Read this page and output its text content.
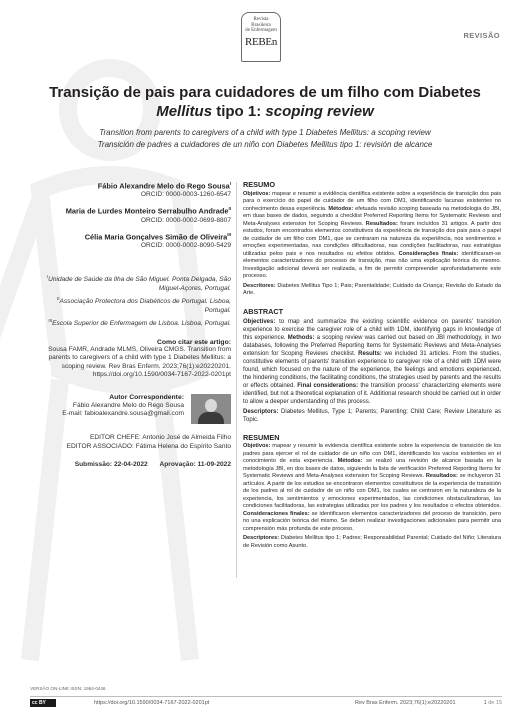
Revista
Brasileira
de Enfermagem
REBEn	REVISÃO
Transição de pais para cuidadores de um filho com Diabetes Mellitus tipo 1: scoping review
Transition from parents to caregivers of a child with type 1 Diabetes Mellitus: a scoping review
Transición de padres a cuidadores de un niño con Diabetes Mellitus tipo 1: revisión de alcance
Fábio Alexandre Melo do Rego Sousa$^I$
ORCID: 0000-0003-1260-6547
Maria de Lurdes Monteiro Serrabulho Andrade$^{II}$
ORCID: 0000-0002-0699-8807
Célia Maria Gonçalves Simão de Oliveira$^{III}$
ORCID: 0000-0002-8090-5429
$^I$Unidade de Saúde da Ilha de São Miguel. Ponta Delgada, São Miguel-Açores, Portugal.
$^{II}$Associação Protectora dos Diabéticos de Portugal. Lisboa, Portugal.
$^{III}$Escola Superior de Enfermagem de Lisboa. Lisboa, Portugal.
Como citar este artigo:
Sousa FAMR, Andrade MLMS, Oliveira CMGS. Transition from parents to caregivers of a child with type 1 Diabetes Mellitus: a scoping review. Rev Bras Enferm. 2023;76(1):e20220201. https://doi.org/10.1590/0034-7167-2022-0201pt
Autor Correspondente:
Fábio Alexandre Melo do Rego Sousa
E-mail: fabioalexandre.sousa@gmail.com
EDITOR CHEFE: Antonio José de Almeida Filho
EDITOR ASSOCIADO: Fátima Helena do Espírito Santo
Submissão: 22-04-2022 Aprovação: 11-09-2022
RESUMO

Objetivos: mapear e resumir a evidência científica existente sobre a experiência de transição dos pais para o exercício do papel de cuidador de um filho com DM1, identificando lacunas existentes no conhecimento dessa experiência. Métodos: efetuada revisão scoping baseada na metodologia do JBI, em duas bases de dados, seguindo a checklist Preferred Reporting Items for Systematic Reviews and Meta-Analyses extension for Scoping Reviews. Resultados: foram incluídos 31 artigos. A partir dos estudos, foram encontrados elementos constitutivos da experiência de transição dos pais para o papel de cuidador de um filho com DM1, que se centraram na natureza da experiência, nos sentimentos e emoções experimentadas, nas condições dificultadoras, nas condições facilitadoras, nas estratégias utilizadas pelos pais e nos resultados ou efeitos obtidos. Considerações finais: identificaram-se elementos caracterizadores do processo de transição, mas não uma explicação teórica do mesmo. Investigação adicional deverá ser realizada, a fim de permitir compreender aprofundadamente este processo.

Descritores: Diabetes Mellitus Tipo 1; Pais; Parentalidade; Cuidado da Criança; Revisão do Estado da Arte.

ABSTRACT

Objectives: to map and summarize the existing scientific evidence on parents' transition experience to exercise the caregiver role of a child with 1DM, identifying gaps in knowledge of this experience. Methods: a scoping review was carried out based on JBI methodology, in two databases, following the Preferred Reporting Items for Systematic Reviews and Meta-Analyses extension for Scoping Reviews checklist. Results: we included 31 articles. From the studies, constitutive elements of parents' transition experience to caregiver role of a child with 1DM were found, which focused on the nature of the experience, the feelings and emotions experienced, the hindering conditions, the facilitating conditions, the strategies used by parents and the results or effects obtained. Final considerations: the transition process' characterizing elements were identified, but not a theoretical explanation of it. Additional research should be carried out in order to allow a deeper understanding of this process.

Descriptors: Diabetes Mellitus, Type 1; Parents; Parenting; Child Care; Review Literature as Topic.

RESUMEN

Objetivos: mapear y resumir la evidencia científica existente sobre la experiencia de transición de los padres para ejercer el rol de cuidador de un niño con DM1, identificando los vacíos existentes en el conocimiento de esta experiencia. Métodos: se realizó una revisión de alcance basada en la metodología JBI, en dos bases de datos, siguiendo la lista de verificación Preferred Reporting Items for Systematic Reviews and Meta-Analyses extension for Scoping Reviews. Resultados: se incluyeron 31 artículos. A partir de los estudios se encontraron elementos constitutivos de la experiencia de transición de los padres al rol de cuidador de un niño con DM1, los cuales se centraron en la naturaleza de la experiencia, los sentimientos y emociones experimentados, las condiciones obstaculizadoras, las condiciones facilitadoras, las estrategias utilizadas por los padres y los resultados o efectos obtenidos. Consideraciones finales: se identificaron elementos caracterizadores del proceso de transición, pero no una explicación teórica del mismo. Se deben realizar investigaciones adicionales para permitir una comprensión más profunda de este proceso.

Descriptores: Diabetes Mellitus tipo 1; Padres; Responsabilidad Parental; Cuidado del Niño; Literatura de Revisión como Asunto.

VERSÃO ON-LINE ISSN: 1984-0446
cc BY	https://doi.org/10.1590/0034-7167-2022-0201pt	Rev Bras Enferm. 2023;76(1):e20220201	1 de 15
